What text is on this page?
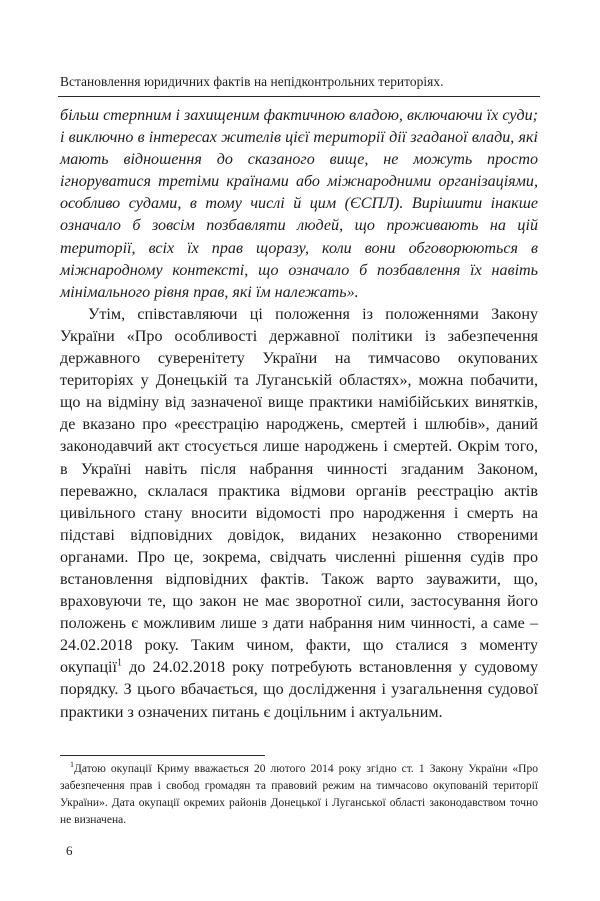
Встановлення юридичних фактів на непідконтрольних територіях.

більш стерпним і захищеним фактичною владою, включаючи їх суди; і виключно в інтересах жителів цієї території дії згаданої влади, які мають відношення до сказаного вище, не можуть просто ігноруватися третіми країнами або міжнародними організаціями, особливо судами, в тому числі й цим (ЄСПЛ). Вирішити інакше означало б зовсім позбавляти людей, що проживають на цій території, всіх їх прав щоразу, коли вони обговорюються в міжнародному контексті, що означало б позбавлення їх навіть мінімального рівня прав, які їм належать».

Утім, співставляючи ці положення із положеннями Закону України «Про особливості державної політики із забезпечення державного суверенітету України на тимчасово окупованих територіях у Донецькій та Луганській областях», можна побачити, що на відміну від зазначеної вище практики намібійських винятків, де вказано про «реєстрацію народжень, смертей і шлюбів», даний законодавчий акт стосується лише народжень і смертей. Окрім того, в Україні навіть після набрання чинності згаданим Законом, переважно, склалася практика відмови органів реєстрацію актів цивільного стану вносити відомості про народження і смерть на підставі відповідних довідок, виданих незаконно створеними органами. Про це, зокрема, свідчать численні рішення судів про встановлення відповідних фактів. Також варто зауважити, що, враховуючи те, що закон не має зворотної сили, застосування його положень є можливим лише з дати набрання ним чинності, а саме – 24.02.2018 року. Таким чином, факти, що сталися з моменту окупації$^1$ до 24.02.2018 року потребують встановлення у судовому порядку. З цього вбачається, що дослідження і узагальнення судової практики з означених питань є доцільним і актуальним.

$^1$Датою окупації Криму вважається 20 лютого 2014 року згідно ст. 1 Закону України «Про забезпечення прав і свобод громадян та правовий режим на тимчасово окупованій території України». Дата окупації окремих районів Донецької і Луганської області законодавством точно не визначена.
6
